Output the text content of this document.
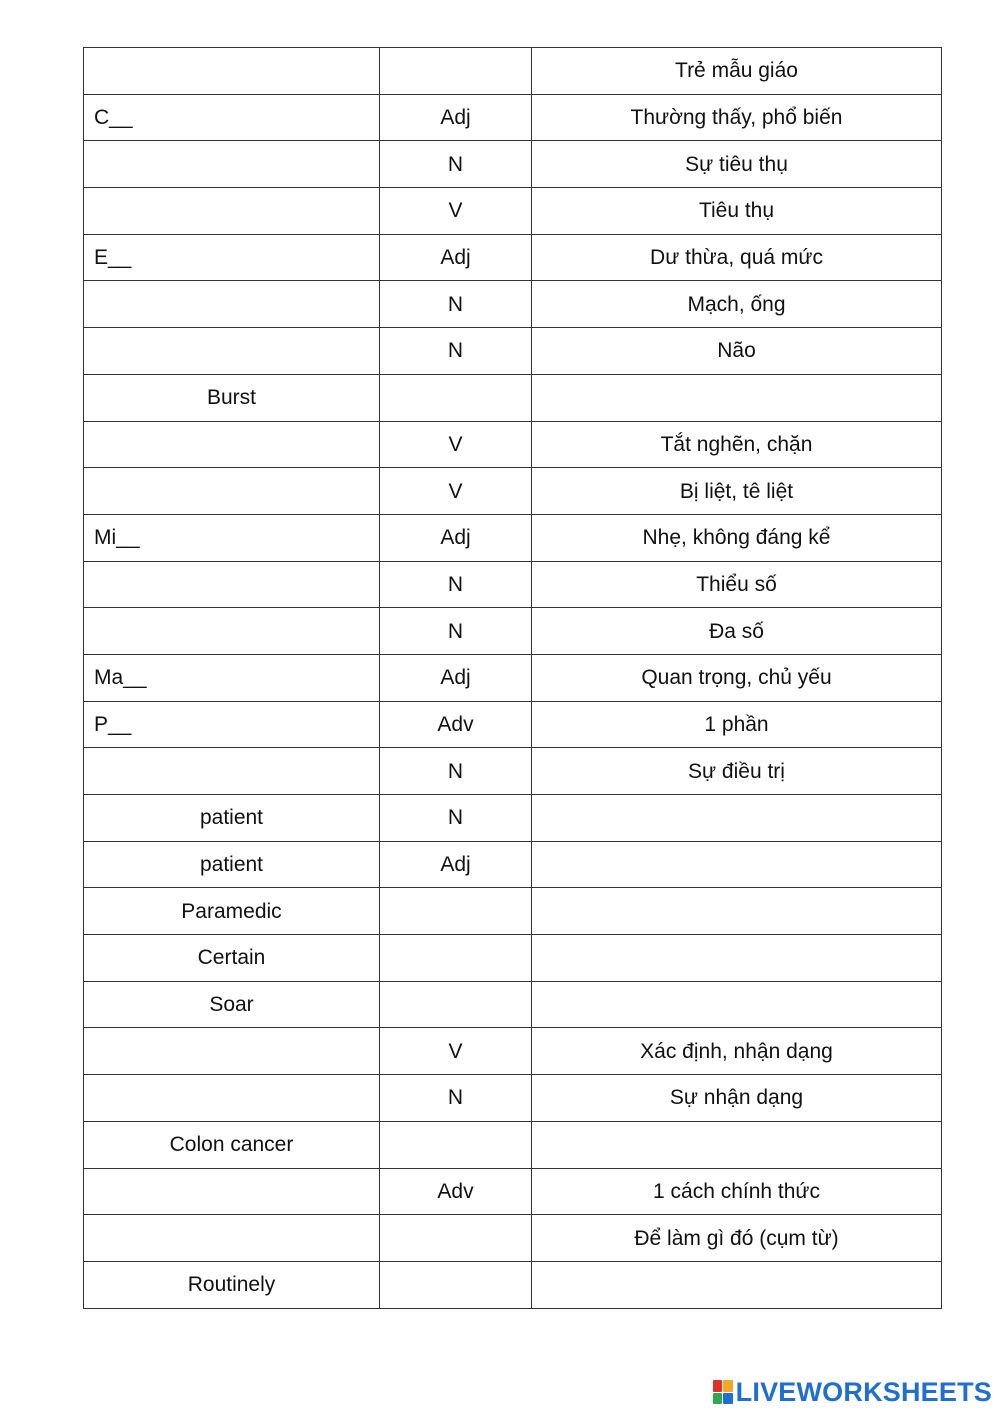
		Trẻ mẫu giáo
C__	Adj	Thường thấy, phổ biến
	N	Sự tiêu thụ
	V	Tiêu thụ
E__	Adj	Dư thừa, quá mức
	N	Mạch, ống
	N	Não
Burst		
	V	Tắt nghẽn, chặn
	V	Bị liệt, tê liệt
Mi__	Adj	Nhẹ, không đáng kể
	N	Thiểu số
	N	Đa số
Ma__	Adj	Quan trọng, chủ yếu
P__	Adv	1 phần
	N	Sự điều trị
patient	N	
patient	Adj	
Paramedic		
Certain		
Soar		
	V	Xác định, nhận dạng
	N	Sự nhận dạng
Colon cancer		
	Adv	1 cách chính thức
		Để làm gì đó (cụm từ)
Routinely		
LIVEWORKSHEETS
